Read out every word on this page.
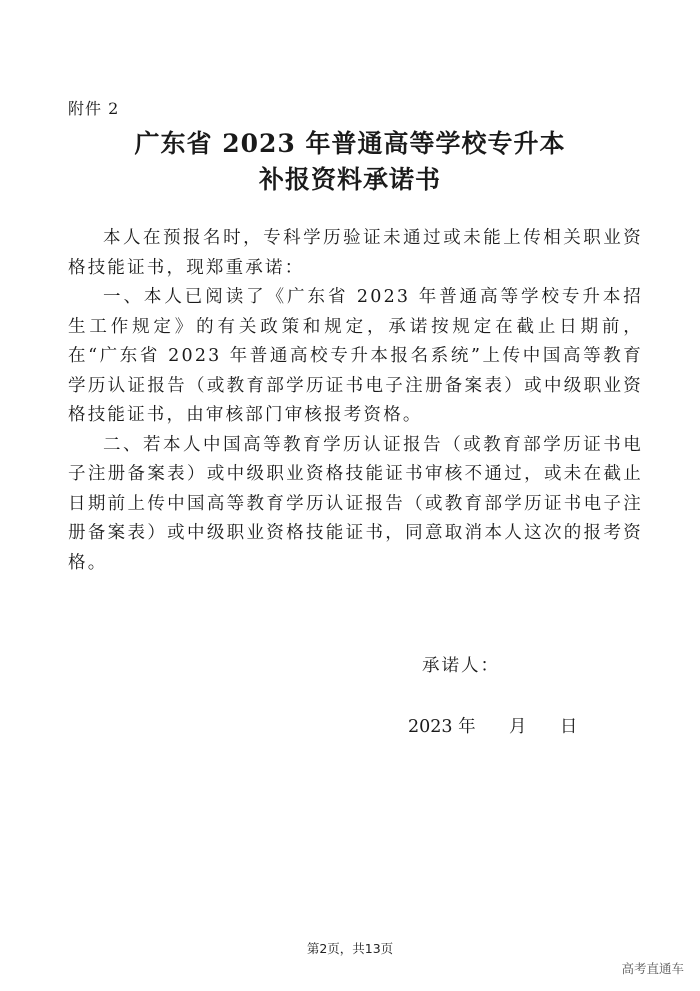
附件 2
广东省 2023 年普通高等学校专升本
补报资料承诺书

本人在预报名时，专科学历验证未通过或未能上传相关职业资格技能证书，现郑重承诺：

一、本人已阅读了《广东省 2023 年普通高等学校专升本招生工作规定》的有关政策和规定，承诺按规定在截止日期前，在“广东省 2023 年普通高校专升本报名系统”上传中国高等教育学历认证报告（或教育部学历证书电子注册备案表）或中级职业资格技能证书，由审核部门审核报考资格。

二、若本人中国高等教育学历认证报告（或教育部学历证书电子注册备案表）或中级职业资格技能证书审核不通过，或未在截止日期前上传中国高等教育学历认证报告（或教育部学历证书电子注册备案表）或中级职业资格技能证书，同意取消本人这次的报考资格。

承诺人：
2023 年      月      日
第2页，共13页
高考直通车
